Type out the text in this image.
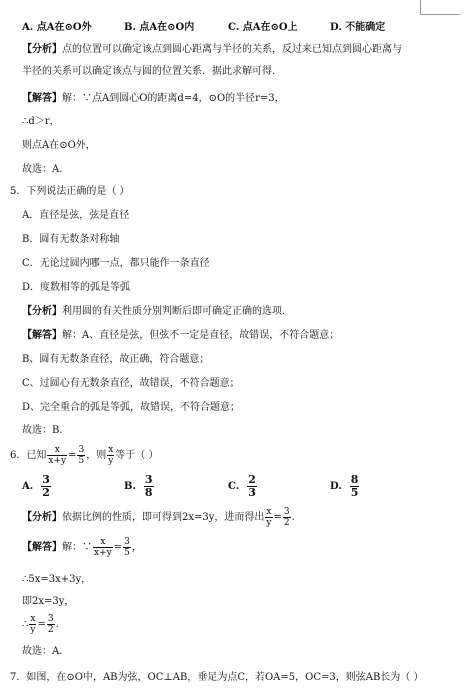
A. 点A在⊙O外	B. 点A在⊙O内	C. 点A在⊙O上	D. 不能确定
【分析】点的位置可以确定该点到圆心距离与半径的关系，反过来已知点到圆心距离与
半径的关系可以确定该点与圆的位置关系．据此求解可得．
【解答】解：∵点A到圆心O的距离d=4，⊙O的半径r=3，
∴d＞r，
则点A在⊙O外，
故选：A.
5．下列说法正确的是（ ）
A．直径是弦，弦是直径
B．圆有无数条对称轴
C．无论过圆内哪一点，都只能作一条直径
D．度数相等的弧是等弧
【分析】利用圆的有关性质分别判断后即可确定正确的选项．
【解答】解：A、直径是弦，但弦不一定是直径，故错误，不符合题意；
B、圆有无数条直径，故正确，符合题意；
C、过圆心有无数条直径，故错误，不符合题意；
D、完全重合的弧是等弧，故错误，不符合题意；
故选：B.
6．已知 $\frac{x}{x+y} = \frac{3}{5}$ ，则 $\frac{x}{y}$ 等于（ ）
A. $\frac{3}{2}$	B. $\frac{3}{8}$	C. $\frac{2}{3}$	D. $\frac{8}{5}$
【分析】依据比例的性质，即可得到2x=3y，进而得出 $\frac{x}{y} = \frac{3}{2}$ .
【解答】解：∵ $\frac{x}{x+y} = \frac{3}{5}$ ，
∴5x=3x+3y，
即2x=3y，
∴ $\frac{x}{y} = \frac{3}{2}$ .
故选：A.
7．如图，在⊙O中，AB为弦，OC⊥AB，垂足为点C，若OA=5，OC=3，则弦AB长为（ ）
